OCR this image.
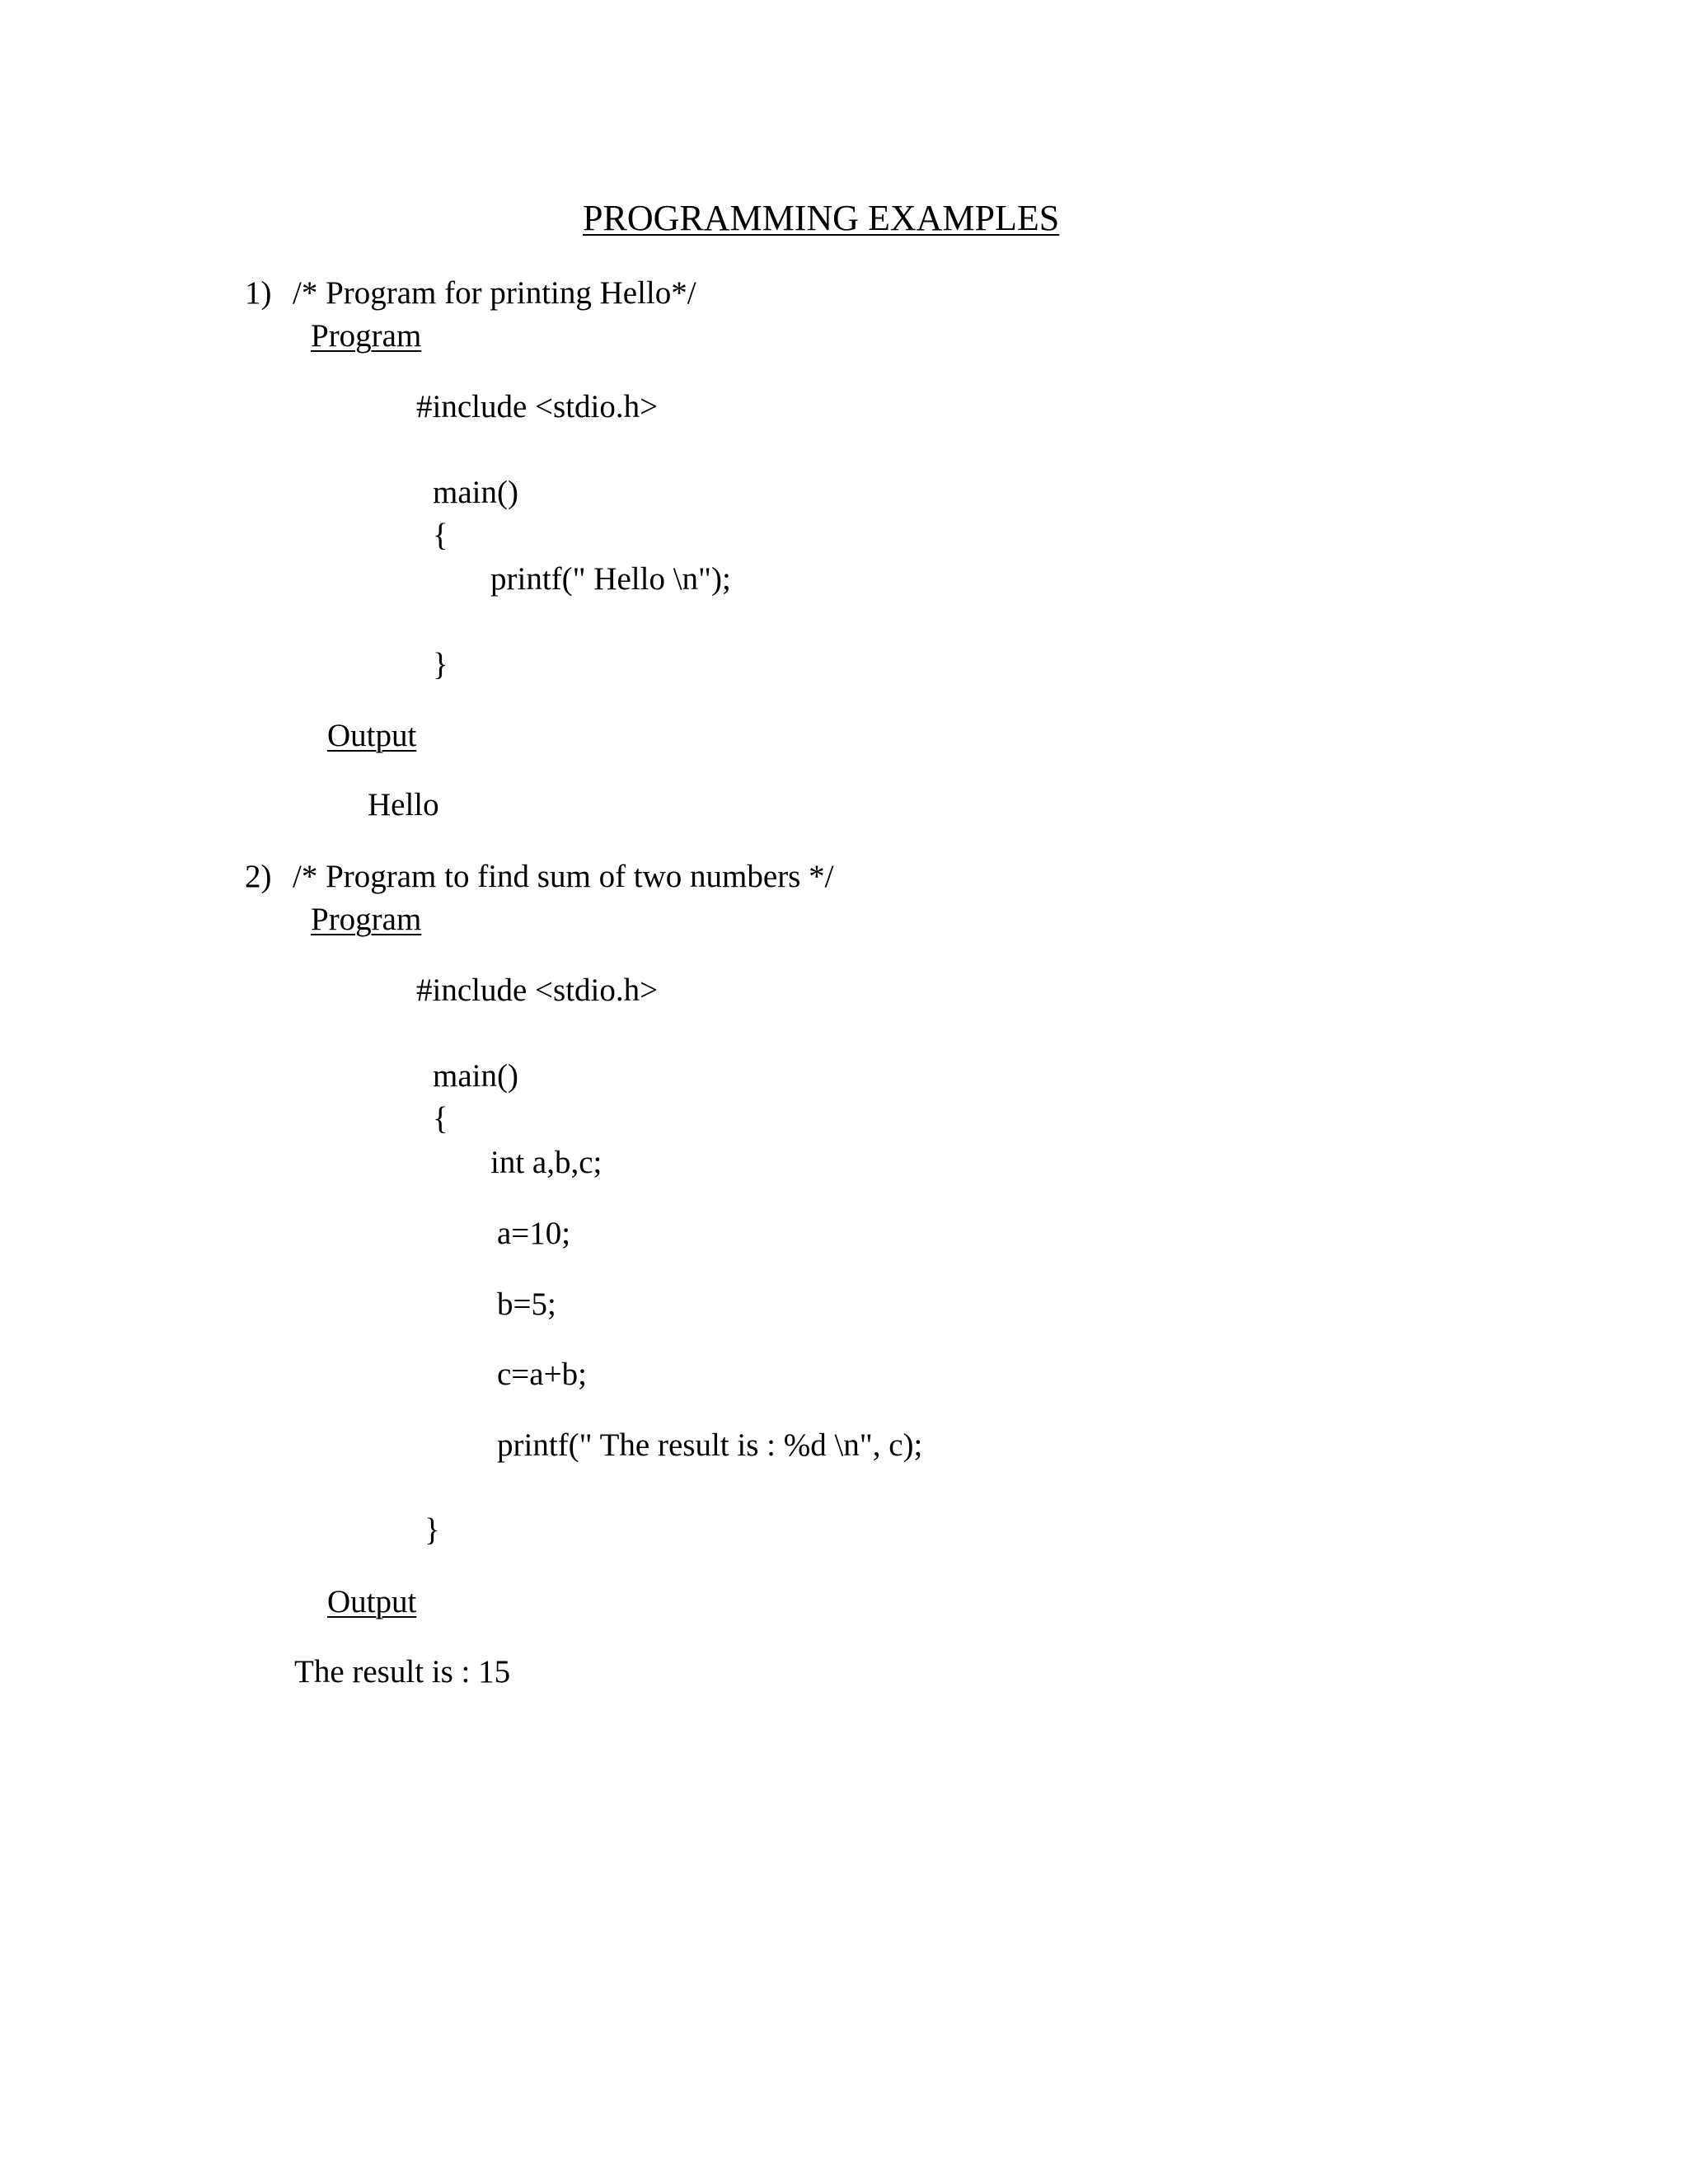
PROGRAMMING EXAMPLES
1) /* Program for printing Hello*/
Program
#include <stdio.h>
main()
{
printf(" Hello \n");
}
Output
Hello
2) /* Program to find sum of two numbers */
Program
#include <stdio.h>
main()
{
int a,b,c;
a=10;
b=5;
c=a+b;
printf(" The result is : %d \n", c);
}
Output
The result is : 15
